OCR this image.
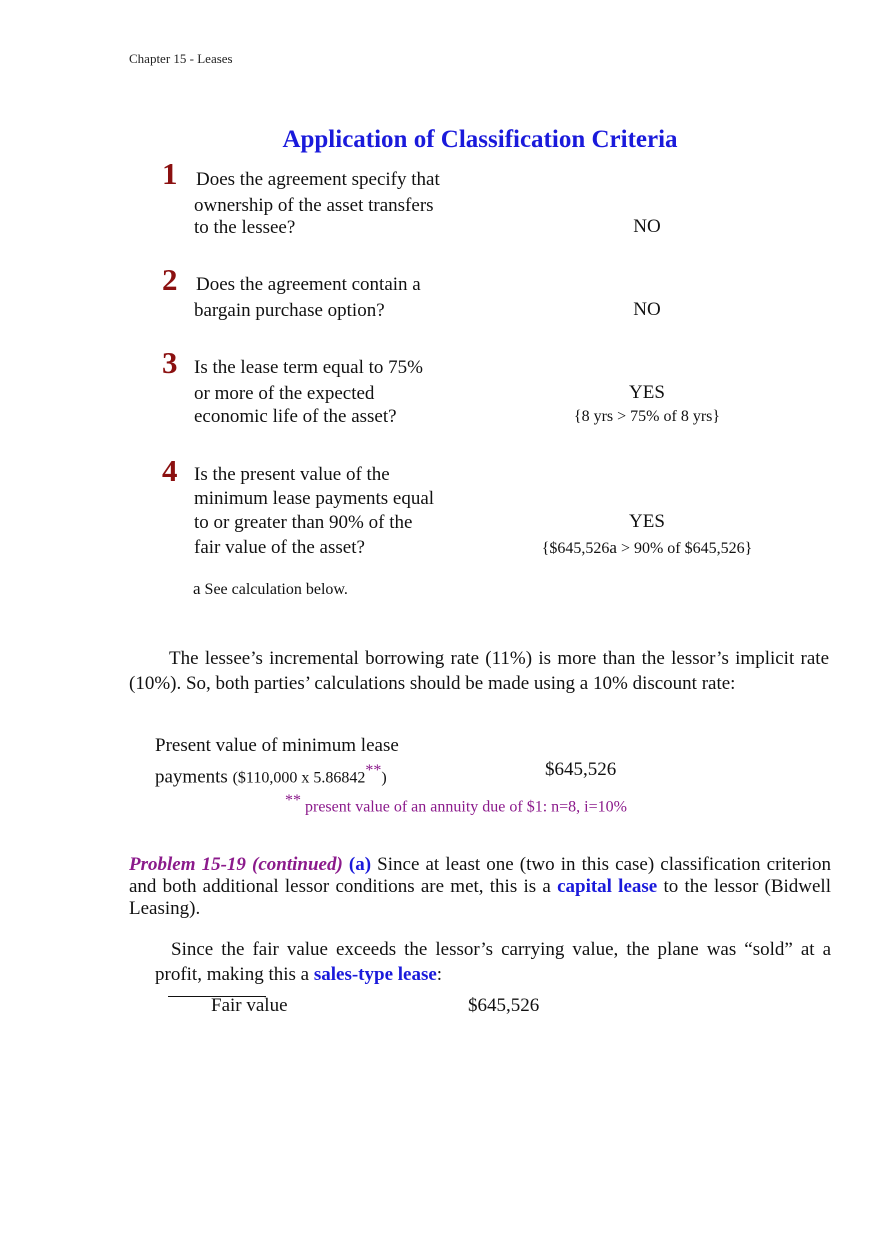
Chapter 15 - Leases
Application of Classification Criteria
1 Does the agreement specify that
ownership of the asset transfers
to the lessee?	NO
2 Does the agreement contain a
bargain purchase option?	NO
3 Is the lease term equal to 75%
or more of the expected
economic life of the asset?
YES
{8 yrs > 75% of 8 yrs}
4 Is the present value of the
minimum lease payments equal
to or greater than 90% of the
fair value of the asset?
YES
{$645,526a > 90% of $645,526}
a See calculation below.
The lessee’s incremental borrowing rate (11%) is more than the lessor’s implicit rate (10%). So, both parties’ calculations should be made using a 10% discount rate:
Present value of minimum lease
payments ($110,000 x 5.86842**)	$645,526
** present value of an annuity due of $1: n=8, i=10%
Problem 15-19 (continued) (a) Since at least one (two in this case) classification criterion and both additional lessor conditions are met, this is a capital lease to the lessor (Bidwell Leasing).
Since the fair value exceeds the lessor’s carrying value, the plane was “sold” at a profit, making this a sales-type lease:
Fair value	$645,526
